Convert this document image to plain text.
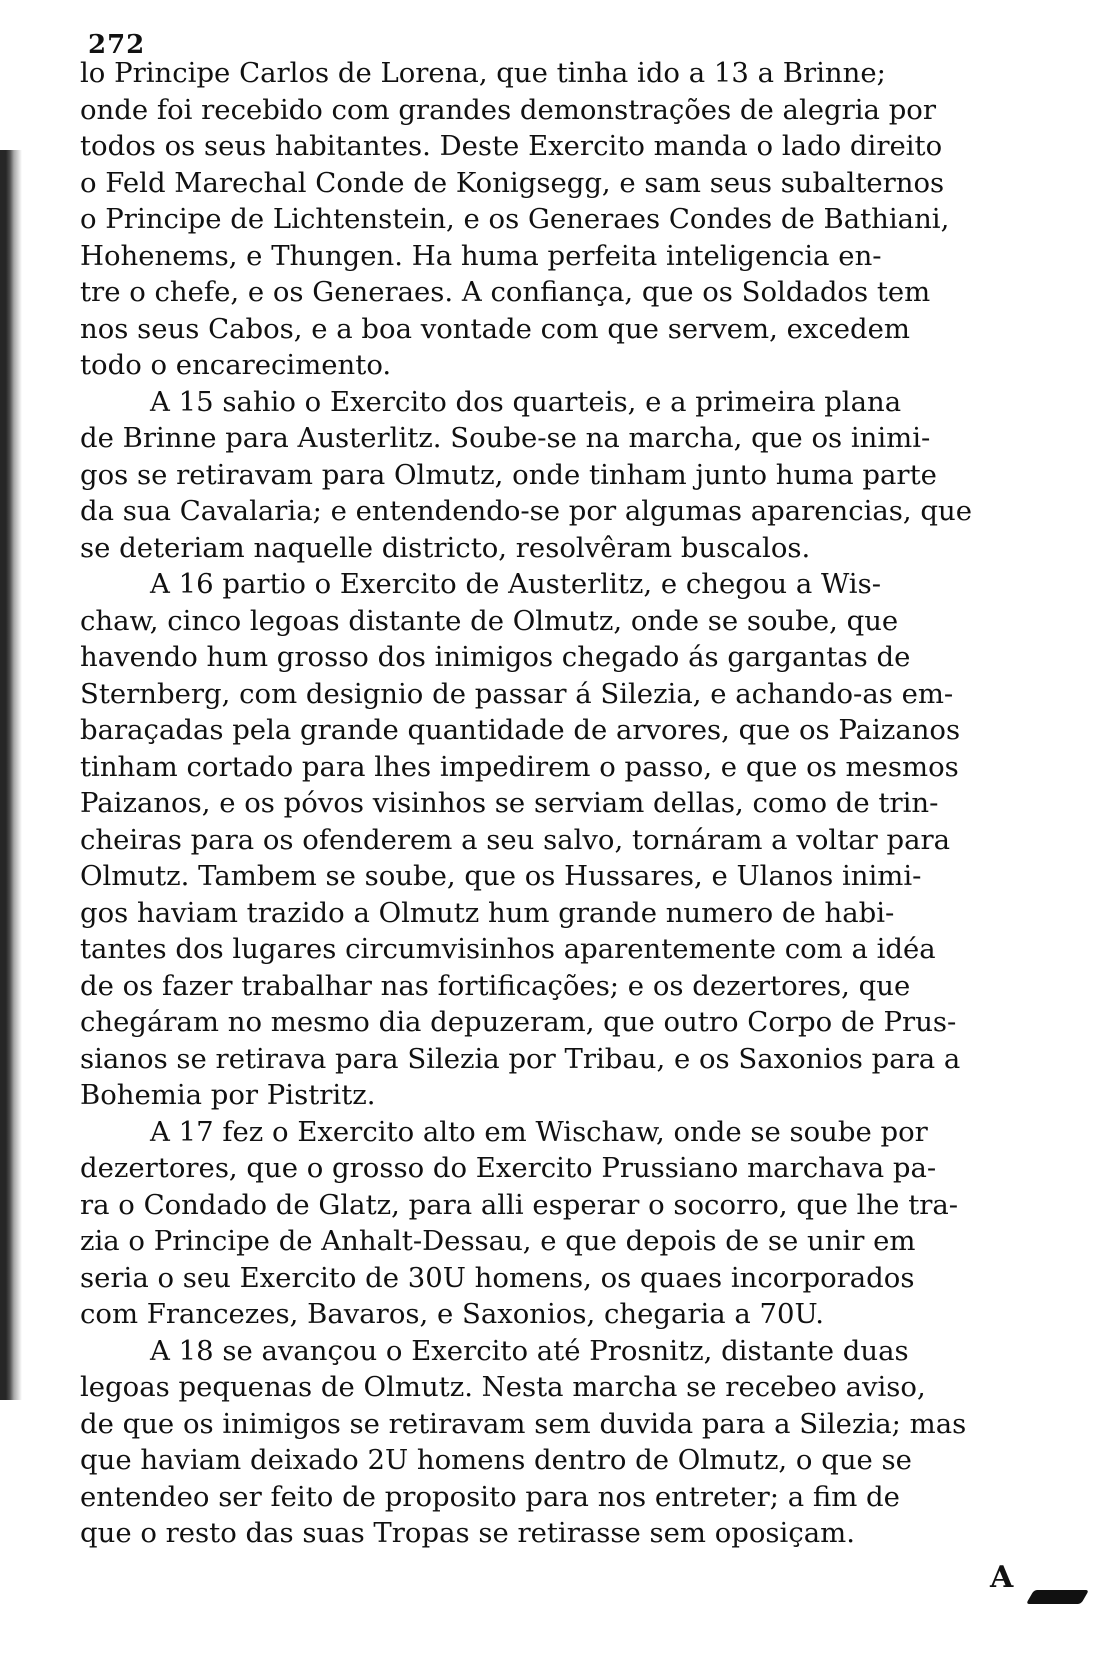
272

lo Principe Carlos de Lorena, que tinha ido a 13 a Brinne;
onde foi recebido com grandes demonstrações de alegria por
todos os seus habitantes. Deste Exercito manda o lado direito
o Feld Marechal Conde de Konigsegg, e sam seus subalternos
o Principe de Lichtenstein, e os Generaes Condes de Bathiani,
Hohenems, e Thungen. Ha huma perfeita inteligencia en-
tre o chefe, e os Generaes. A confiança, que os Soldados tem
nos seus Cabos, e a boa vontade com que servem, excedem
todo o encarecimento.

A 15 sahio o Exercito dos quarteis, e a primeira plana
de Brinne para Austerlitz. Soube-se na marcha, que os inimi-
gos se retiravam para Olmutz, onde tinham junto huma parte
da sua Cavalaria; e entendendo-se por algumas aparencias, que
se deteriam naquelle districto, resolvêram buscalos.

A 16 partio o Exercito de Austerlitz, e chegou a Wis-
chaw, cinco legoas distante de Olmutz, onde se soube, que
havendo hum grosso dos inimigos chegado ás gargantas de
Sternberg, com designio de passar á Silezia, e achando-as em-
baraçadas pela grande quantidade de arvores, que os Paizanos
tinham cortado para lhes impedirem o passo, e que os mesmos
Paizanos, e os póvos visinhos se serviam dellas, como de trin-
cheiras para os ofenderem a seu salvo, tornáram a voltar para
Olmutz. Tambem se soube, que os Hussares, e Ulanos inimi-
gos haviam trazido a Olmutz hum grande numero de habi-
tantes dos lugares circumvisinhos aparentemente com a idéa
de os fazer trabalhar nas fortificações; e os dezertores, que
chegáram no mesmo dia depuzeram, que outro Corpo de Prus-
sianos se retirava para Silezia por Tribau, e os Saxonios para a
Bohemia por Pistritz.

A 17 fez o Exercito alto em Wischaw, onde se soube por
dezertores, que o grosso do Exercito Prussiano marchava pa-
ra o Condado de Glatz, para alli esperar o socorro, que lhe tra-
zia o Principe de Anhalt-Dessau, e que depois de se unir em
seria o seu Exercito de 30U homens, os quaes incorporados
com Francezes, Bavaros, e Saxonios, chegaria a 70U.

A 18 se avançou o Exercito até Prosnitz, distante duas
legoas pequenas de Olmutz. Nesta marcha se recebeo aviso,
de que os inimigos se retiravam sem duvida para a Silezia; mas
que haviam deixado 2U homens dentro de Olmutz, o que se
entendeo ser feito de proposito para nos entreter; a fim de
que o resto das suas Tropas se retirasse sem oposiçam.

A
